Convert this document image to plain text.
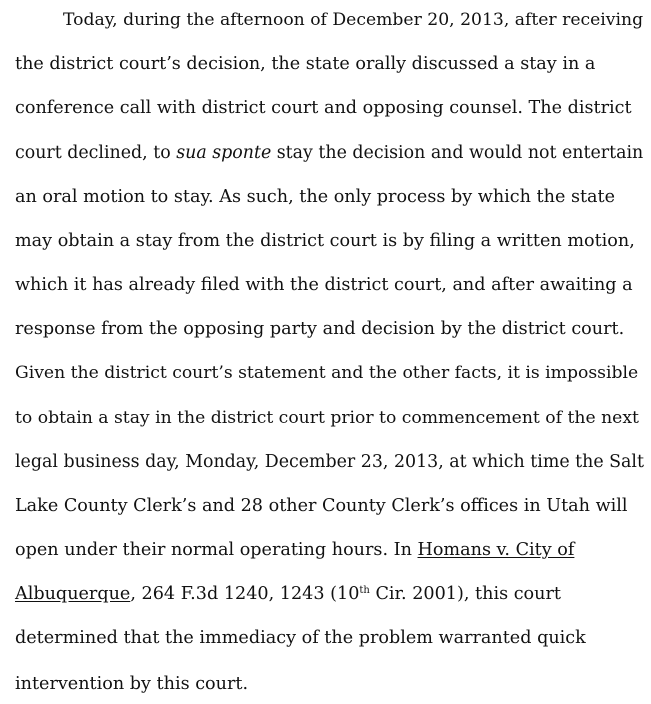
Today, during the afternoon of December 20, 2013, after receiving
the district court’s decision, the state orally discussed a stay in a
conference call with district court and opposing counsel. The district
court declined, to sua sponte stay the decision and would not entertain
an oral motion to stay. As such, the only process by which the state
may obtain a stay from the district court is by filing a written motion,
which it has already filed with the district court, and after awaiting a
response from the opposing party and decision by the district court.
Given the district court’s statement and the other facts, it is impossible
to obtain a stay in the district court prior to commencement of the next
legal business day, Monday, December 23, 2013, at which time the Salt
Lake County Clerk’s and 28 other County Clerk’s offices in Utah will
open under their normal operating hours. In Homans v. City of
Albuquerque, 264 F.3d 1240, 1243 (10th Cir. 2001), this court
determined that the immediacy of the problem warranted quick
intervention by this court.
